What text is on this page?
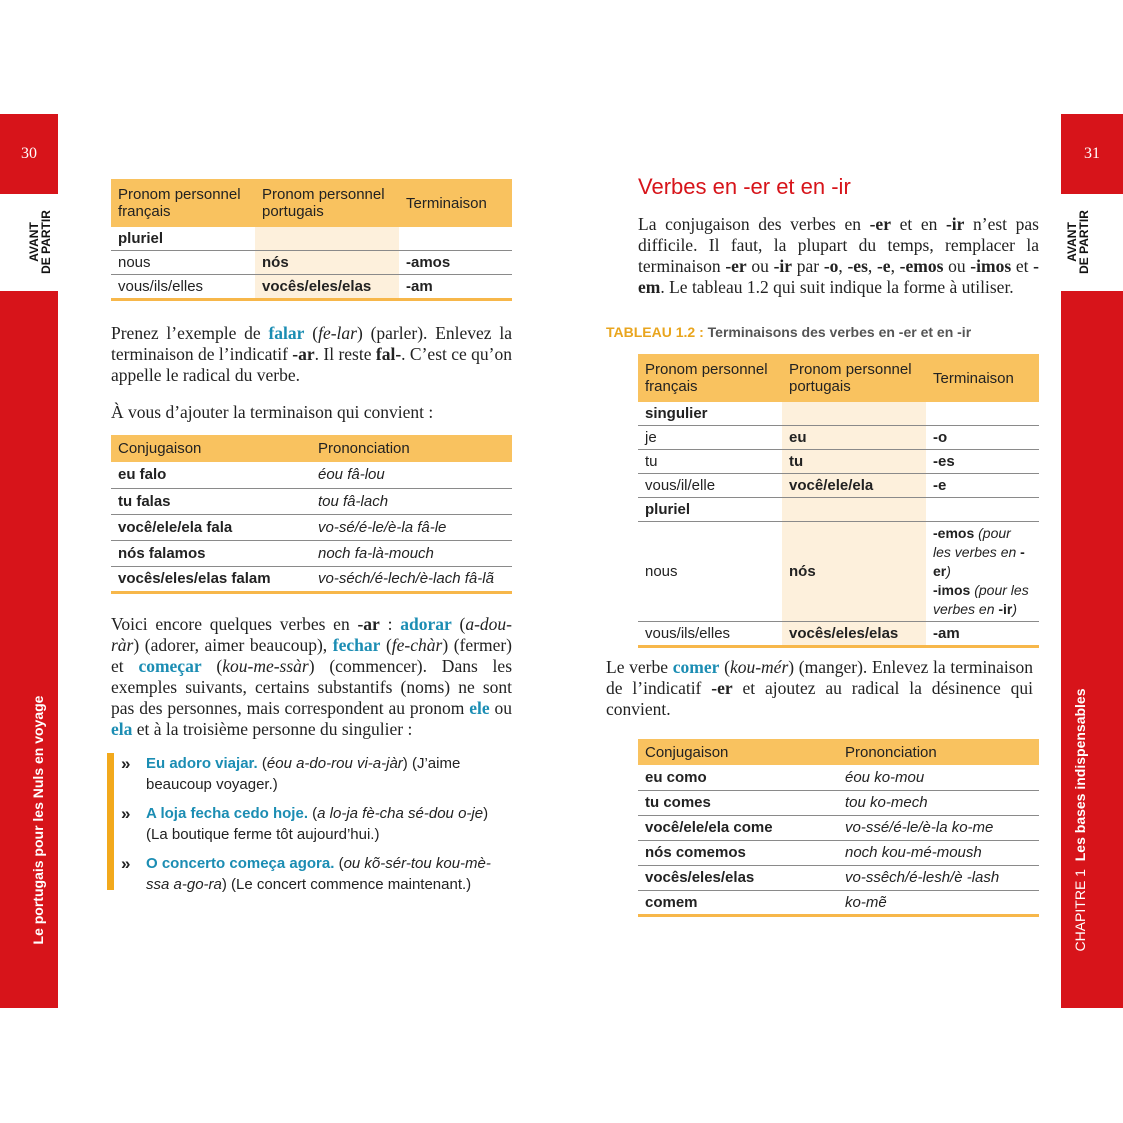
30
AVANT
DE PARTIR
Le portugais pour les Nuls en voyage
31
AVANT
DE PARTIR
CHAPITRE 1  Les bases indispensables
Pronom personnel français	Pronom personnel portugais	Terminaison
pluriel		
nous	nós	-amos
vous/ils/elles	vocês/eles/elas	-am

Prenez l’exemple de falar (fe-lar) (parler). Enlevez la terminaison de l’indicatif -ar. Il reste fal-. C’est ce qu’on appelle le radical du verbe.

À vous d’ajouter la terminaison qui convient :

Conjugaison	Prononciation
eu falo	éou fâ-lou
tu falas	tou fâ-lach
você/ele/ela fala	vo-sé/é-le/è-la fâ-le
nós falamos	noch fa-là-mouch
vocês/eles/elas falam	vo-séch/é-lech/è-lach fâ-lã

Voici encore quelques verbes en -ar : adorar (a-dou-ràr) (adorer, aimer beaucoup), fechar (fe-chàr) (fermer) et começar (kou-me-ssàr) (commencer). Dans les exemples suivants, certains substantifs (noms) ne sont pas des personnes, mais correspondent au pronom ele ou ela et à la troisième personne du singulier :

» Eu adoro viajar. (éou a-do-rou vi-a-jàr) (J’aime beaucoup voyager.)
» A loja fecha cedo hoje. (a lo-ja fè-cha sé-dou o-je) (La boutique ferme tôt aujourd’hui.)
» O concerto começa agora. (ou kõ-sér-tou kou-mè-ssa a-go-ra) (Le concert commence maintenant.)
Verbes en -er et en -ir

La conjugaison des verbes en -er et en -ir n’est pas difficile. Il faut, la plupart du temps, remplacer la terminaison -er ou -ir par -o, -es, -e, -emos ou -imos et -em. Le tableau 1.2 qui suit indique la forme à utiliser.

TABLEAU 1.2 : Terminaisons des verbes en -er et en -ir
Pronom personnel français	Pronom personnel portugais	Terminaison
singulier		
je	eu	-o
tu	tu	-es
vous/il/elle	você/ele/ela	-e
pluriel		
nous	nós	-emos (pour les verbes en -er)
-imos (pour les verbes en -ir)
vous/ils/elles	vocês/eles/elas	-am

Le verbe comer (kou-mér) (manger). Enlevez la terminaison de l’indicatif -er et ajoutez au radical la désinence qui convient.

Conjugaison	Prononciation
eu como	éou ko-mou
tu comes	tou ko-mech
você/ele/ela come	vo-ssé/é-le/è-la ko-me
nós comemos	noch kou-mé-moush
vocês/eles/elas	vo-ssêch/é-lesh/è -lash
comem	ko-mẽ
